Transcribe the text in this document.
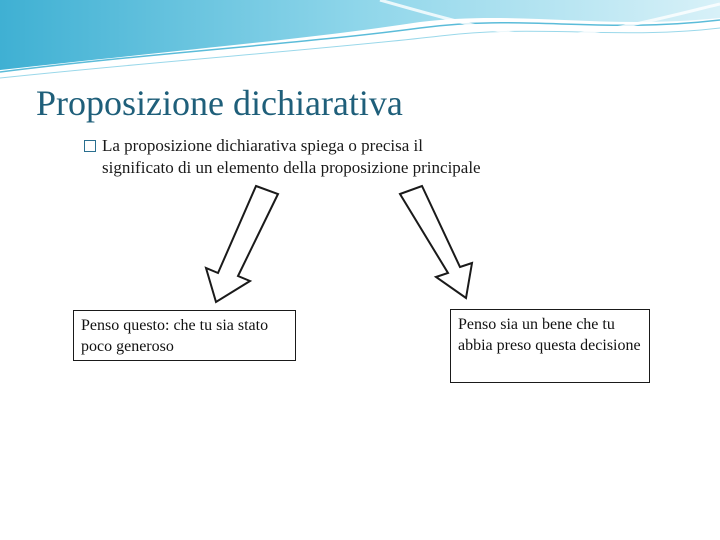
Proposizione dichiarativa
La proposizione dichiarativa spiega o precisa il
significato di un elemento della proposizione principale
Penso questo: che tu sia stato poco generoso
Penso sia un bene che tu abbia preso questa decisione
